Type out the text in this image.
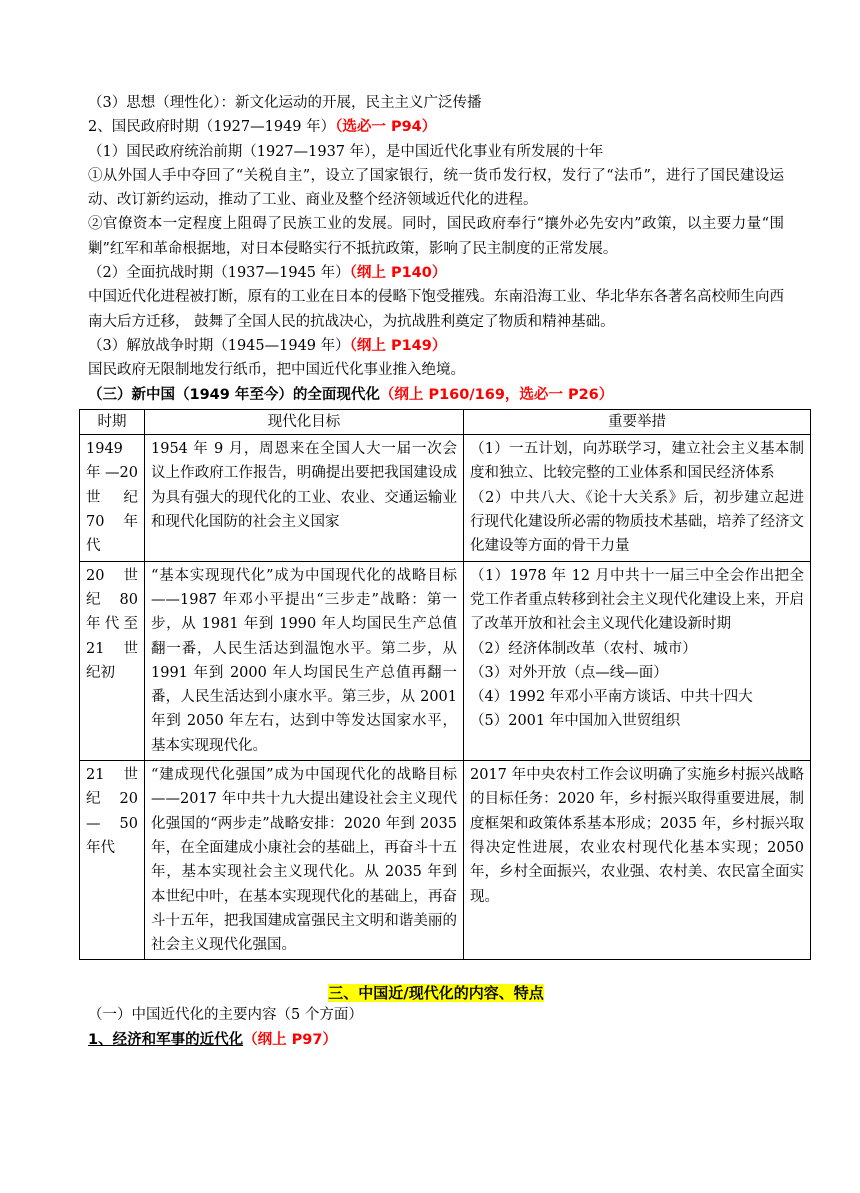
（3）思想（理性化）：新文化运动的开展，民主主义广泛传播
2、国民政府时期（1927—1949 年）（选必一 P94）
（1）国民政府统治前期（1927—1937 年），是中国近代化事业有所发展的十年
①从外国人手中夺回了“关税自主”，设立了国家银行，统一货币发行权，发行了“法币”，进行了国民建设运动、改订新约运动，推动了工业、商业及整个经济领域近代化的进程。
②官僚资本一定程度上阻碍了民族工业的发展。同时，国民政府奉行“攘外必先安内”政策，以主要力量“围剿”红军和革命根据地，对日本侵略实行不抵抗政策，影响了民主制度的正常发展。
（2）全面抗战时期（1937—1945 年）（纲上 P140）
中国近代化进程被打断，原有的工业在日本的侵略下饱受摧残。东南沿海工业、华北华东各著名高校师生向西南大后方迁移， 鼓舞了全国人民的抗战决心，为抗战胜利奠定了物质和精神基础。
（3）解放战争时期（1945—1949 年）（纲上 P149）
国民政府无限制地发行纸币，把中国近代化事业推入绝境。
（三）新中国（1949 年至今）的全面现代化（纲上 P160/169，选必一 P26）
时期	现代化目标	重要举措
1949 年—20 世纪 70 年代	1954 年 9 月，周恩来在全国人大一届一次会议上作政府工作报告，明确提出要把我国建设成为具有强大的现代化的工业、农业、交通运输业和现代化国防的社会主义国家	（1）一五计划，向苏联学习，建立社会主义基本制度和独立、比较完整的工业体系和国民经济体系
（2）中共八大、《论十大关系》后，初步建立起进行现代化建设所必需的物质技术基础，培养了经济文化建设等方面的骨干力量

20 世纪 80 年代至 21 世纪初	“基本实现现代化”成为中国现代化的战略目标——1987 年邓小平提出“三步走”战略：第一步，从 1981 年到 1990 年人均国民生产总值翻一番，人民生活达到温饱水平。第二步，从 1991 年到 2000 年人均国民生产总值再翻一番，人民生活达到小康水平。第三步，从 2001 年到 2050 年左右，达到中等发达国家水平，基本实现现代化。	（1）1978 年 12 月中共十一届三中全会作出把全党工作者重点转移到社会主义现代化建设上来，开启了改革开放和社会主义现代化建设新时期
（2）经济体制改革（农村、城市）
（3）对外开放（点—线—面）
（4）1992 年邓小平南方谈话、中共十四大
（5）2001 年中国加入世贸组织

21 世纪 20 — 50 年代	“建成现代化强国”成为中国现代化的战略目标——2017 年中共十九大提出建设社会主义现代化强国的“两步走”战略安排：2020 年到 2035 年，在全面建成小康社会的基础上，再奋斗十五年，基本实现社会主义现代化。从 2035 年到本世纪中叶，在基本实现现代化的基础上，再奋斗十五年，把我国建成富强民主文明和谐美丽的社会主义现代化强国。	2017 年中央农村工作会议明确了实施乡村振兴战略的目标任务：2020 年，乡村振兴取得重要进展，制度框架和政策体系基本形成；2035 年，乡村振兴取得决定性进展，农业农村现代化基本实现；2050 年，乡村全面振兴，农业强、农村美、农民富全面实现。
三、中国近/现代化的内容、特点
（一）中国近代化的主要内容（5 个方面）
1、经济和军事的近代化（纲上 P97）
